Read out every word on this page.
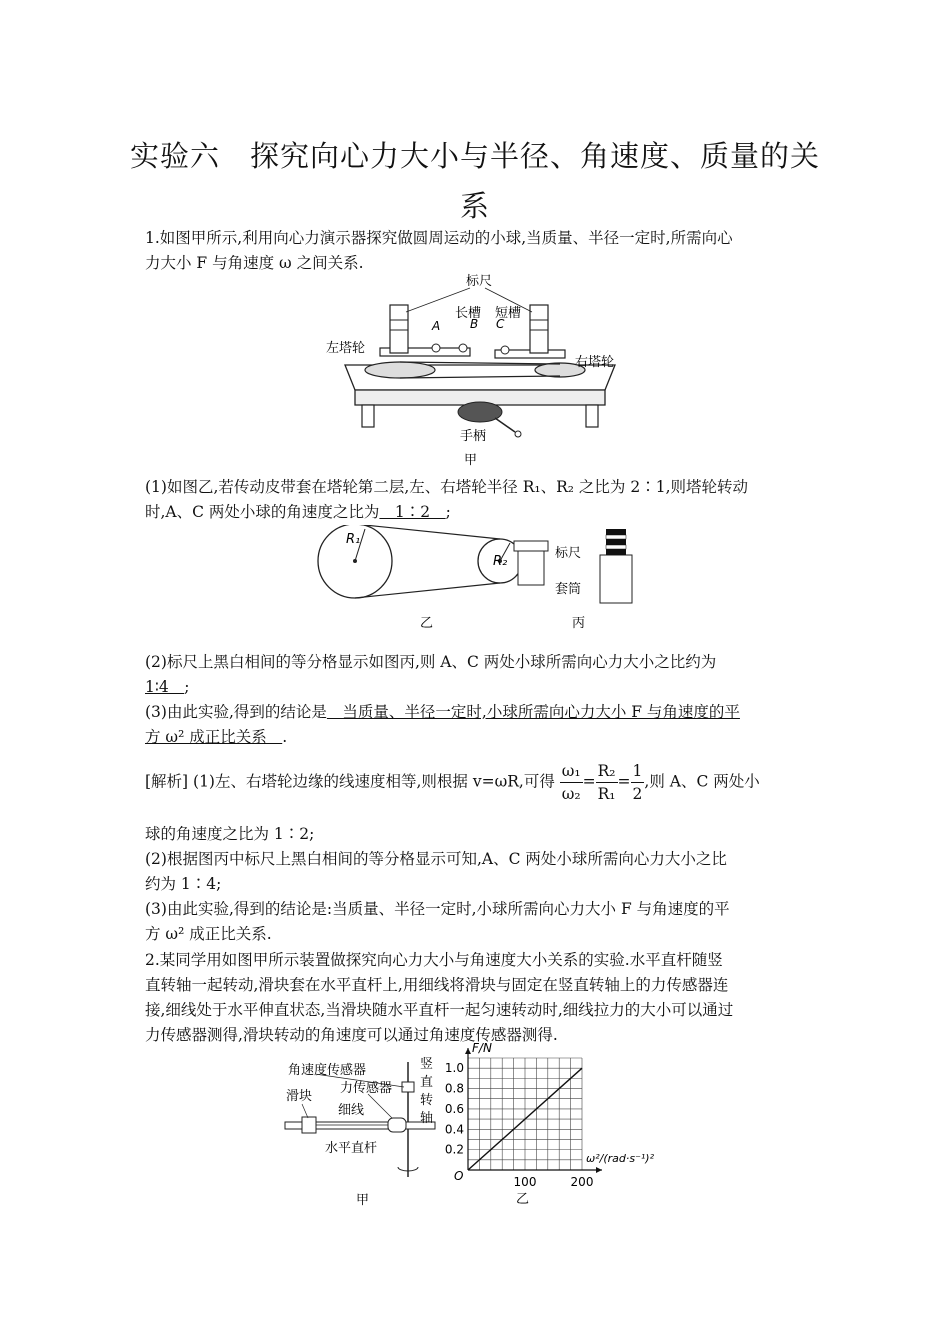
实验六　探究向心力大小与半径、角速度、质量的关
系
1.如图甲所示,利用向心力演示器探究做圆周运动的小球,当质量、半径一定时,所需向心
力大小 F 与角速度 ω 之间关系.
标尺
长槽 短槽
A B C
左塔轮
右塔轮
手柄
甲
(1)如图乙,若传动皮带套在塔轮第二层,左、右塔轮半径 R₁、R₂ 之比为 2∶1,则塔轮转动
时,A、C 两处小球的角速度之比为　1∶2　;
R₁
R₂
标尺
套筒
乙	丙
(2)标尺上黑白相间的等分格显示如图丙,则 A、C 两处小球所需向心力大小之比约为
1∶4　;
(3)由此实验,得到的结论是　当质量、半径一定时,小球所需向心力大小 F 与角速度的平
方 ω² 成正比关系　.
[解析] (1)左、右塔轮边缘的线速度相等,则根据 v=ωR,可得 $\frac{\text{ω₁}}{\text{ω₂}} = \frac{\text{R₂}}{\text{R₁}} = \frac{1}{2}$ ,则 A、C 两处小
球的角速度之比为 1∶2;
(2)根据图丙中标尺上黑白相间的等分格显示可知,A、C 两处小球所需向心力大小之比
约为 1∶4;
(3)由此实验,得到的结论是:当质量、半径一定时,小球所需向心力大小 F 与角速度的平
方 ω² 成正比关系.
2.某同学用如图甲所示装置做探究向心力大小与角速度大小关系的实验.水平直杆随竖
直转轴一起转动,滑块套在水平直杆上,用细线将滑块与固定在竖直转轴上的力传感器连
接,细线处于水平伸直状态,当滑块随水平直杆一起匀速转动时,细线拉力的大小可以通过
力传感器测得,滑块转动的角速度可以通过角速度传感器测得.
角速度传感器
滑块
力传感器
细线
水平直杆
竖
直
转
轴
甲
1.0
0.8
0.6
0.4
0.2
100	200
F/N
ω²/(rad·s⁻¹)²
O
乙
